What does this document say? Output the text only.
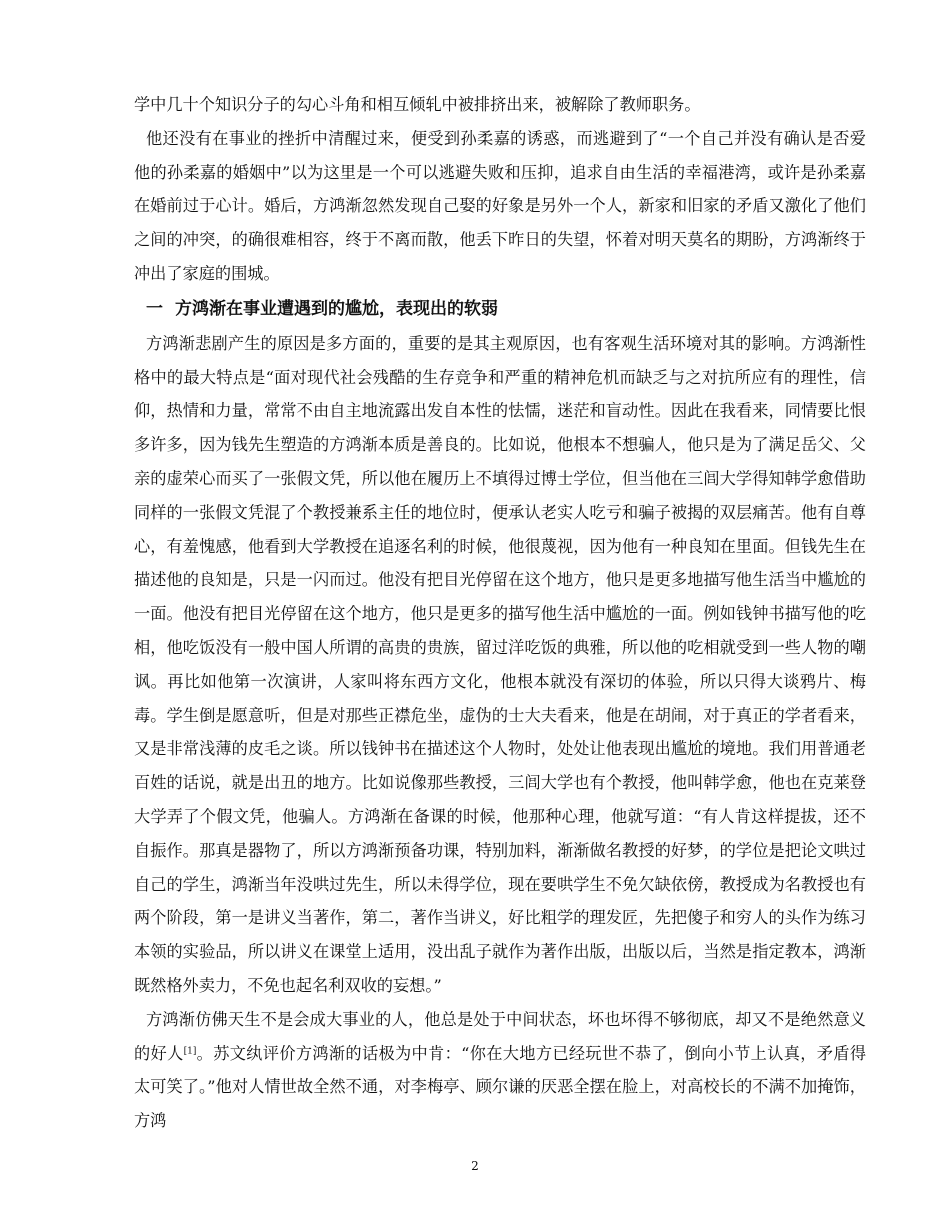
学中几十个知识分子的勾心斗角和相互倾轧中被排挤出来，被解除了教师职务。

他还没有在事业的挫折中清醒过来，便受到孙柔嘉的诱惑，而逃避到了“一个自己并没有确认是否爱他的孙柔嘉的婚姻中”以为这里是一个可以逃避失败和压抑，追求自由生活的幸福港湾，或许是孙柔嘉在婚前过于心计。婚后，方鸿渐忽然发现自己娶的好象是另外一个人，新家和旧家的矛盾又激化了他们之间的冲突，的确很难相容，终于不离而散，他丢下昨日的失望，怀着对明天莫名的期盼，方鸿渐终于冲出了家庭的围城。

一 方鸿渐在事业遭遇到的尴尬，表现出的软弱

方鸿渐悲剧产生的原因是多方面的，重要的是其主观原因，也有客观生活环境对其的影响。方鸿渐性格中的最大特点是“面对现代社会残酷的生存竞争和严重的精神危机而缺乏与之对抗所应有的理性，信仰，热情和力量，常常不由自主地流露出发自本性的怯懦，迷茫和盲动性。因此在我看来，同情要比恨多许多，因为钱先生塑造的方鸿渐本质是善良的。比如说，他根本不想骗人，他只是为了满足岳父、父亲的虚荣心而买了一张假文凭，所以他在履历上不填得过博士学位，但当他在三闾大学得知韩学愈借助同样的一张假文凭混了个教授兼系主任的地位时，便承认老实人吃亏和骗子被揭的双层痛苦。他有自尊心，有羞愧感，他看到大学教授在追逐名利的时候，他很蔑视，因为他有一种良知在里面。但钱先生在描述他的良知是，只是一闪而过。他没有把目光停留在这个地方，他只是更多地描写他生活当中尴尬的一面。他没有把目光停留在这个地方，他只是更多的描写他生活中尴尬的一面。例如钱钟书描写他的吃相，他吃饭没有一般中国人所谓的高贵的贵族，留过洋吃饭的典雅，所以他的吃相就受到一些人物的嘲讽。再比如他第一次演讲，人家叫将东西方文化，他根本就没有深切的体验，所以只得大谈鸦片、梅毒。学生倒是愿意听，但是对那些正襟危坐，虚伪的士大夫看来，他是在胡闹，对于真正的学者看来，又是非常浅薄的皮毛之谈。所以钱钟书在描述这个人物时，处处让他表现出尴尬的境地。我们用普通老百姓的话说，就是出丑的地方。比如说像那些教授，三闾大学也有个教授，他叫韩学愈，他也在克莱登大学弄了个假文凭，他骗人。方鸿渐在备课的时候，他那种心理，他就写道：“有人肯这样提拔，还不自振作。那真是器物了，所以方鸿渐预备功课，特别加料，渐渐做名教授的好梦，的学位是把论文哄过自己的学生，鸿渐当年没哄过先生，所以未得学位，现在要哄学生不免欠缺依傍，教授成为名教授也有两个阶段，第一是讲义当著作，第二，著作当讲义，好比粗学的理发匠，先把傻子和穷人的头作为练习本领的实验品，所以讲义在课堂上适用，没出乱子就作为著作出版，出版以后，当然是指定教本，鸿渐既然格外卖力，不免也起名利双收的妄想。”

方鸿渐仿佛天生不是会成大事业的人，他总是处于中间状态，坏也坏得不够彻底，却又不是绝然意义的好人[1]。苏文纨评价方鸿渐的话极为中肯：“你在大地方已经玩世不恭了，倒向小节上认真，矛盾得太可笑了。”他对人情世故全然不通，对李梅亭、顾尔谦的厌恶全摆在脸上，对高校长的不满不加掩饰，方鸿

2
